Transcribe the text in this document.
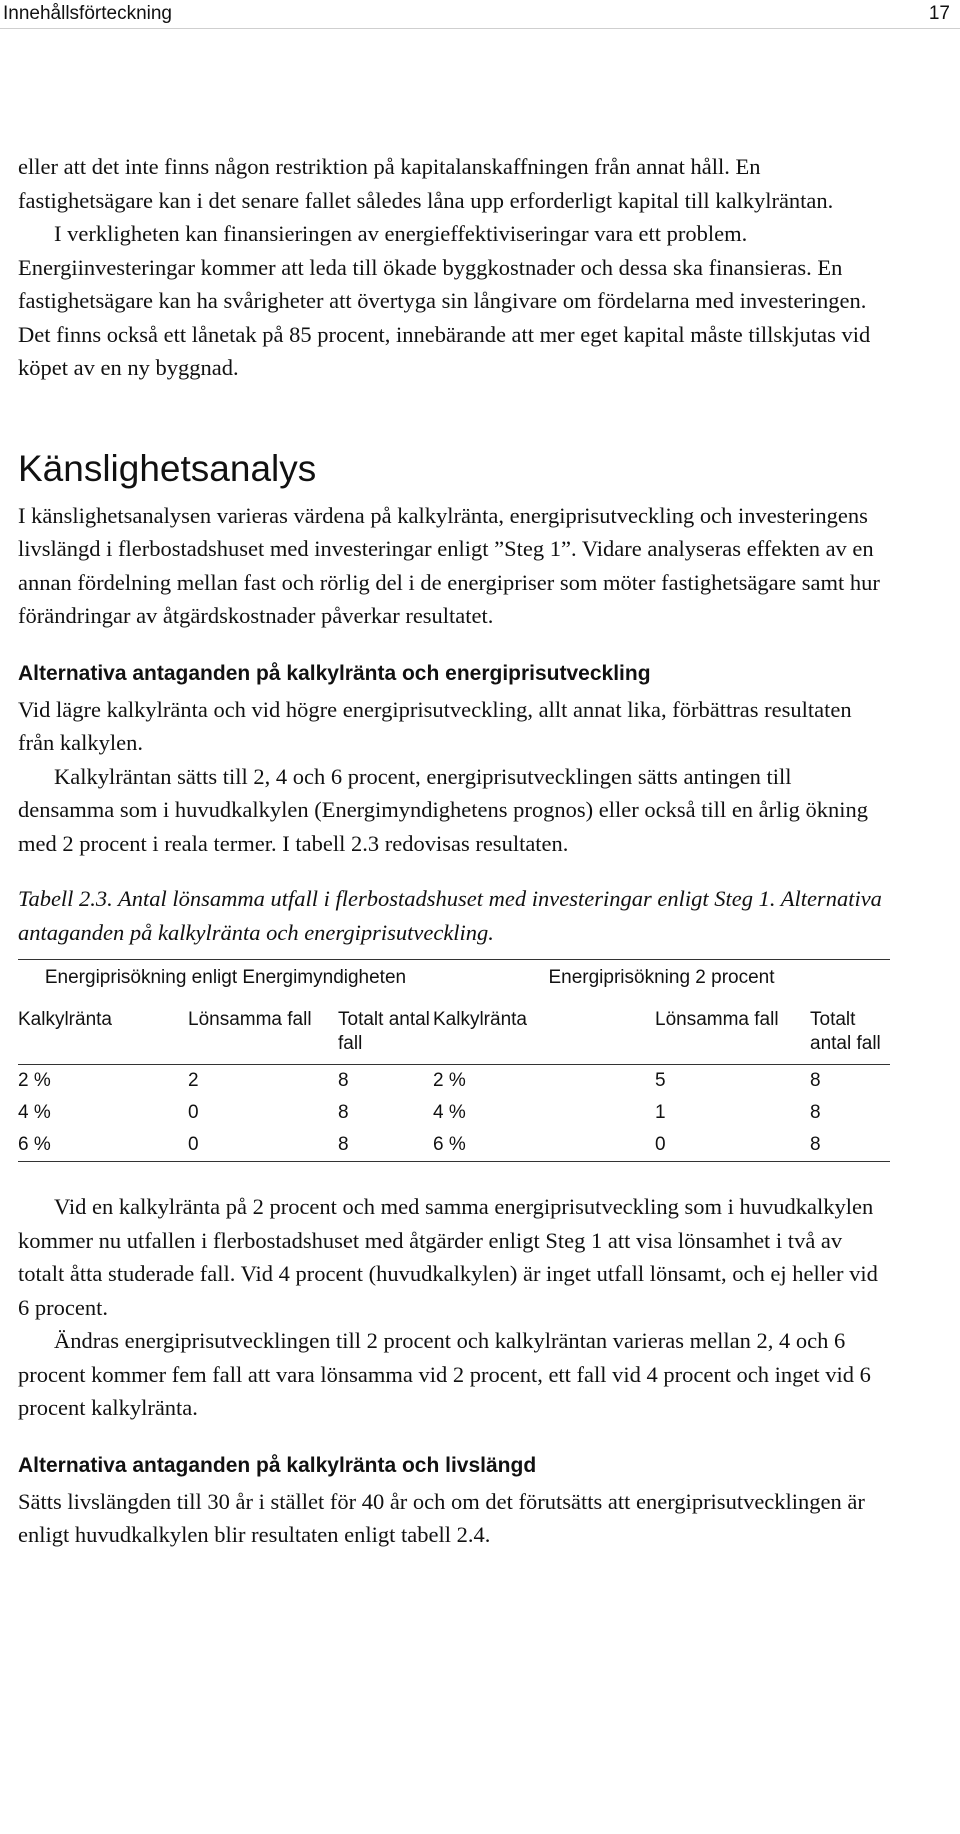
Innehållsförteckning	17

eller att det inte finns någon restriktion på kapitalanskaffningen från annat håll. En fastighetsägare kan i det senare fallet således låna upp erforderligt kapital till kalkylräntan.

I verkligheten kan finansieringen av energieffektiviseringar vara ett problem. Energiinvesteringar kommer att leda till ökade byggkostnader och dessa ska finansieras. En fastighetsägare kan ha svårigheter att övertyga sin långivare om fördelarna med investeringen. Det finns också ett lånetak på 85 procent, innebärande att mer eget kapital måste tillskjutas vid köpet av en ny byggnad.

Känslighetsanalys

I känslighetsanalysen varieras värdena på kalkylränta, energiprisutveckling och investeringens livslängd i flerbostadshuset med investeringar enligt ”Steg 1”. Vidare analyseras effekten av en annan fördelning mellan fast och rörlig del i de energipriser som möter fastighetsägare samt hur förändringar av åtgärdskostnader påverkar resultatet.

Alternativa antaganden på kalkylränta och energiprisutveckling

Vid lägre kalkylränta och vid högre energiprisutveckling, allt annat lika, förbättras resultaten från kalkylen.

Kalkylräntan sätts till 2, 4 och 6 procent, energiprisutvecklingen sätts antingen till densamma som i huvudkalkylen (Energimyndighetens prognos) eller också till en årlig ökning med 2 procent i reala termer. I tabell 2.3 redovisas resultaten.

Tabell 2.3. Antal lönsamma utfall i flerbostadshuset med investeringar enligt Steg 1. Alternativa antaganden på kalkylränta och energiprisutveckling.

Energiprisökning enligt Energimyndigheten			Energiprisökning 2 procent		
Kalkylränta	Lönsamma fall	Totalt antal fall	Kalkylränta	Lönsamma fall	Totalt antal fall
2 %	2	8	2 %	5	8
4 %	0	8	4 %	1	8
6 %	0	8	6 %	0	8

Vid en kalkylränta på 2 procent och med samma energiprisutveckling som i huvudkalkylen kommer nu utfallen i flerbostadshuset med åtgärder enligt Steg 1 att visa lönsamhet i två av totalt åtta studerade fall. Vid 4 procent (huvudkalkylen) är inget utfall lönsamt, och ej heller vid 6 procent.

Ändras energiprisutvecklingen till 2 procent och kalkylräntan varieras mellan 2, 4 och 6 procent kommer fem fall att vara lönsamma vid 2 procent, ett fall vid 4 procent och inget vid 6 procent kalkylränta.

Alternativa antaganden på kalkylränta och livslängd

Sätts livslängden till 30 år i stället för 40 år och om det förutsätts att energiprisutvecklingen är enligt huvudkalkylen blir resultaten enligt tabell 2.4.
